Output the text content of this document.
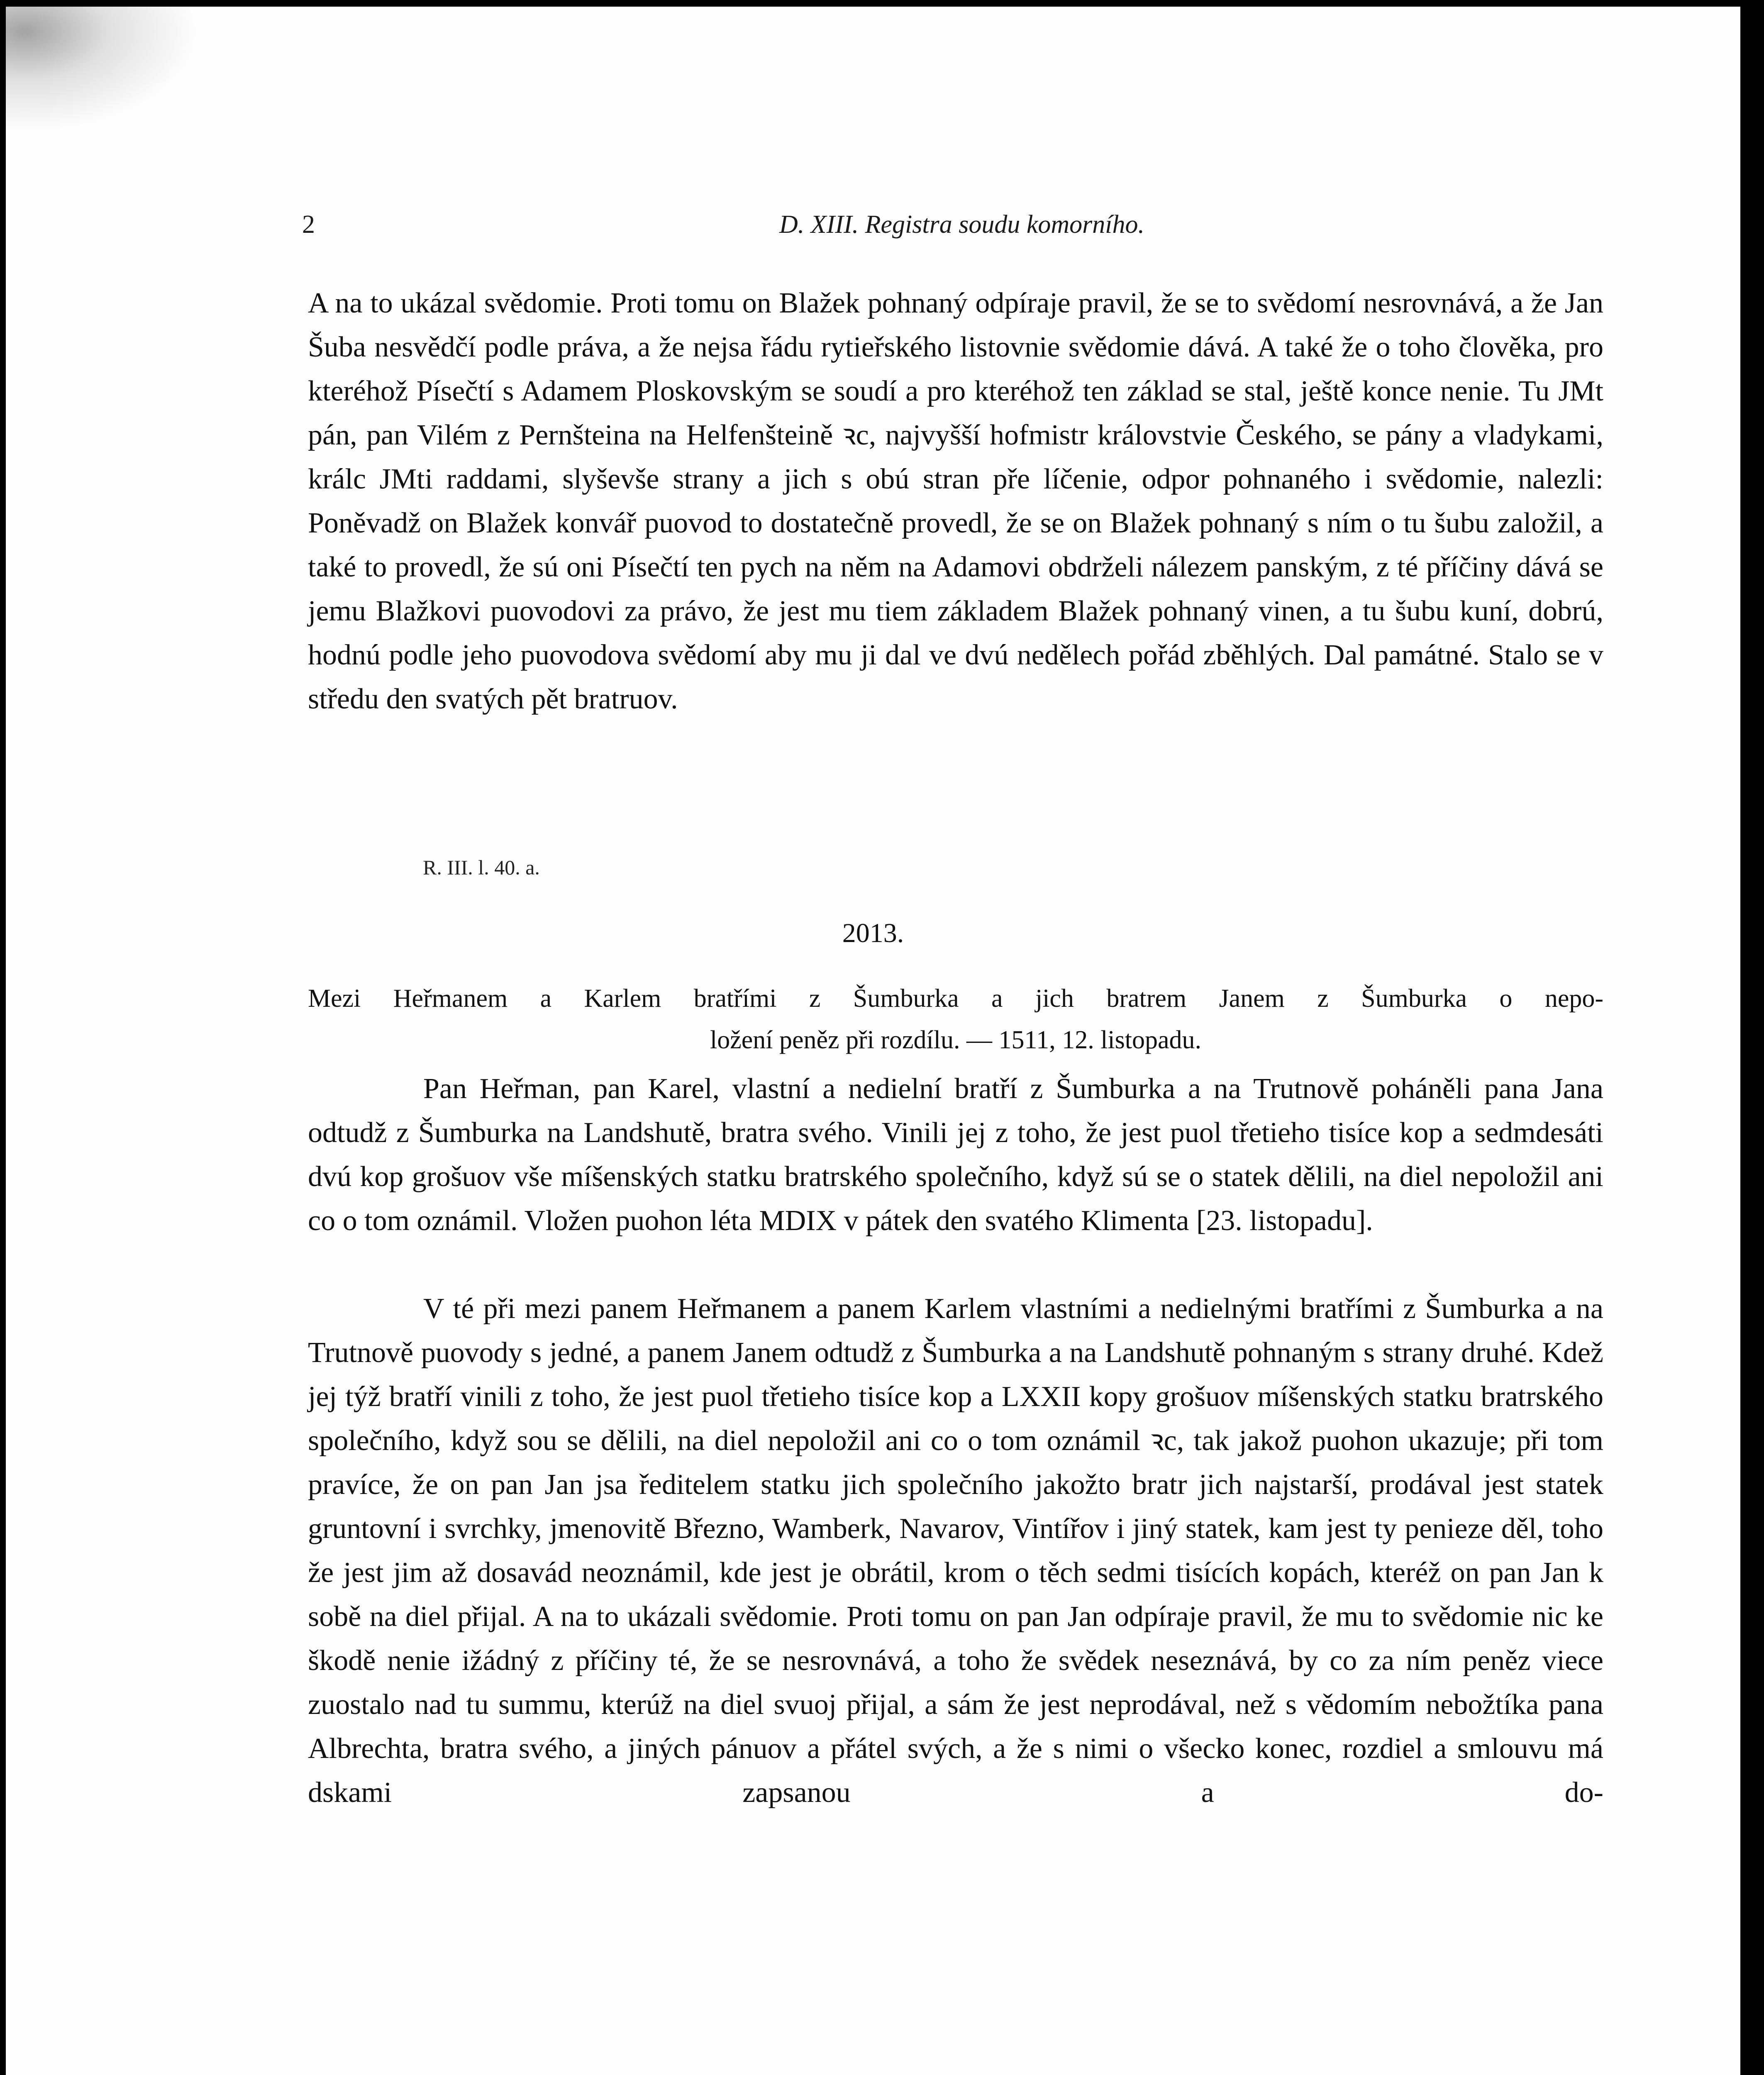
2	D. XIII. Registra soudu komorního.
A na to ukázal svědomie. Proti tomu on Blažek pohnaný odpíraje pravil, že se to svědomí nesrovnává, a že Jan Šuba nesvědčí podle práva, a že nejsa řádu rytieřského listovnie svědomie dává. A také že o toho člověka, pro kteréhož Písečtí s Adamem Ploskovským se soudí a pro kteréhož ten základ se stal, ještě konce nenie. Tu JMt pán, pan Vilém z Pernšteina na Helfenšteině ꝛc, najvyšší hofmistr královstvie Českého, se pány a vladykami, králc JMti raddami, slyševše strany a jich s obú stran pře líčenie, odpor pohnaného i svědomie, nalezli: Poněvadž on Blažek konvář puovod to dostatečně provedl, že se on Blažek pohnaný s ním o tu šubu založil, a také to provedl, že sú oni Písečtí ten pych na něm na Adamovi obdrželi nálezem panským, z té příčiny dává se jemu Blažkovi puovodovi za právo, že jest mu tiem základem Blažek pohnaný vinen, a tu šubu kuní, dobrú, hodnú podle jeho puovodova svědomí aby mu ji dal ve dvú nedělech pořád zběhlých. Dal památné. Stalo se v středu den svatých pět bratruov.
R. III. l. 40. a.
2013.
Mezi Heřmanem a Karlem bratřími z Šumburka a jich bratrem Janem z Šumburka o nepo-
ložení peněz při rozdílu. — 1511, 12. listopadu.
Pan Heřman, pan Karel, vlastní a nedielní bratří z Šumburka a na Trutnově poháněli pana Jana odtudž z Šumburka na Landshutě, bratra svého. Vinili jej z toho, že jest puol třetieho tisíce kop a sedmdesáti dvú kop grošuov vše míšenských statku bratrského společního, když sú se o statek dělili, na diel nepoložil ani co o tom oznámil. Vložen puohon léta MDIX v pátek den svatého Klimenta [23. listopadu].
V té při mezi panem Heřmanem a panem Karlem vlastními a nedielnými bratřími z Šumburka a na Trutnově puovody s jedné, a panem Janem odtudž z Šumburka a na Landshutě pohnaným s strany druhé. Kdež jej týž bratří vinili z toho, že jest puol třetieho tisíce kop a LXXII kopy grošuov míšenských statku bratrského společního, když sou se dělili, na diel nepoložil ani co o tom oznámil ꝛc, tak jakož puohon ukazuje; při tom pravíce, že on pan Jan jsa ředitelem statku jich společního jakožto bratr jich najstarší, prodával jest statek gruntovní i svrchky, jmenovitě Březno, Wamberk, Navarov, Vintířov i jiný statek, kam jest ty penieze děl, toho že jest jim až dosavád neoznámil, kde jest je obrátil, krom o těch sedmi tisících kopách, kteréž on pan Jan k sobě na diel přijal. A na to ukázali svědomie. Proti tomu on pan Jan odpíraje pravil, že mu to svědomie nic ke škodě nenie ižádný z příčiny té, že se nesrovnává, a toho že svědek neseznává, by co za ním peněz viece zuostalo nad tu summu, kterúž na diel svuoj přijal, a sám že jest neprodával, než s vědomím nebožtíka pana Albrechta, bratra svého, a jiných pánuov a přátel svých, a že s nimi o všecko konec, rozdiel a smlouvu má dskami zapsanou a do-
